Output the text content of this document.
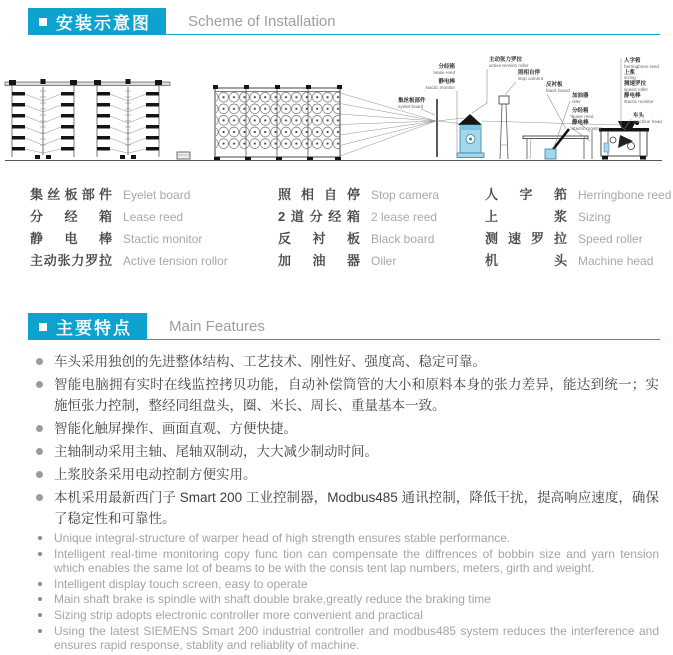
安装示意图 Scheme of Installation
集丝板部件
eyelet board
分经箱
lease reed
静电棒
stactic monitor
主动张力罗拉
active tension rollor
照相自停
stop camera
反衬板
black board
加油器
oiler
分经箱
lease reed
静电棒
stactic monitor
人字筘
herringbone reed
上浆
sizing
测速罗拉
speed roller
静电棒
stactic monitor
车头
machine head
集丝板部件 Eyelet board
分经箱 Lease reed
静电棒 Stactic monitor
主动张力罗拉 Active tension rollor
照相自停 Stop camera
2道分经箱 2 lease reed
反衬板 Black board
加油器 Oiler
人字筘 Herringbone reed
上浆 Sizing
测速罗拉 Speed roller
机头 Machine head
主要特点 Main Features
车头采用独创的先进整体结构、工艺技术、刚性好、强度高、稳定可靠。
智能电脑拥有实时在线监控拷贝功能，自动补偿筒管的大小和原料本身的张力差异，能达到统一；实施恒张力控制，整经同组盘头，圈、米长、周长、重量基本一致。
智能化触屏操作、画面直观、方便快捷。
主轴制动采用主轴、尾轴双制动，大大减少制动时间。
上浆胶条采用电动控制方便实用。
本机采用最新西门子 Smart 200 工业控制器，Modbus485 通讯控制，降低干扰，提高响应速度，确保了稳定性和可靠性。
Unique integral-structure of warper head of high strength ensures stable performance.
Intelligent real-time monitoring copy func tion can compensate the diffrences of bobbin size and yarn tension which enables the same lot of beams to be with the consis tent lap numbers, meters, girth and weight.
Intelligent display touch screen, easy to operate
Main shaft brake is spindle with shaft double brake,greatly reduce the braking time
Sizing strip adopts electronic controller more convenient and practical
Using the latest SIEMENS Smart 200 industrial controller and modbus485 system reduces the interference and ensures rapid response, stablity and reliablity of machine.
